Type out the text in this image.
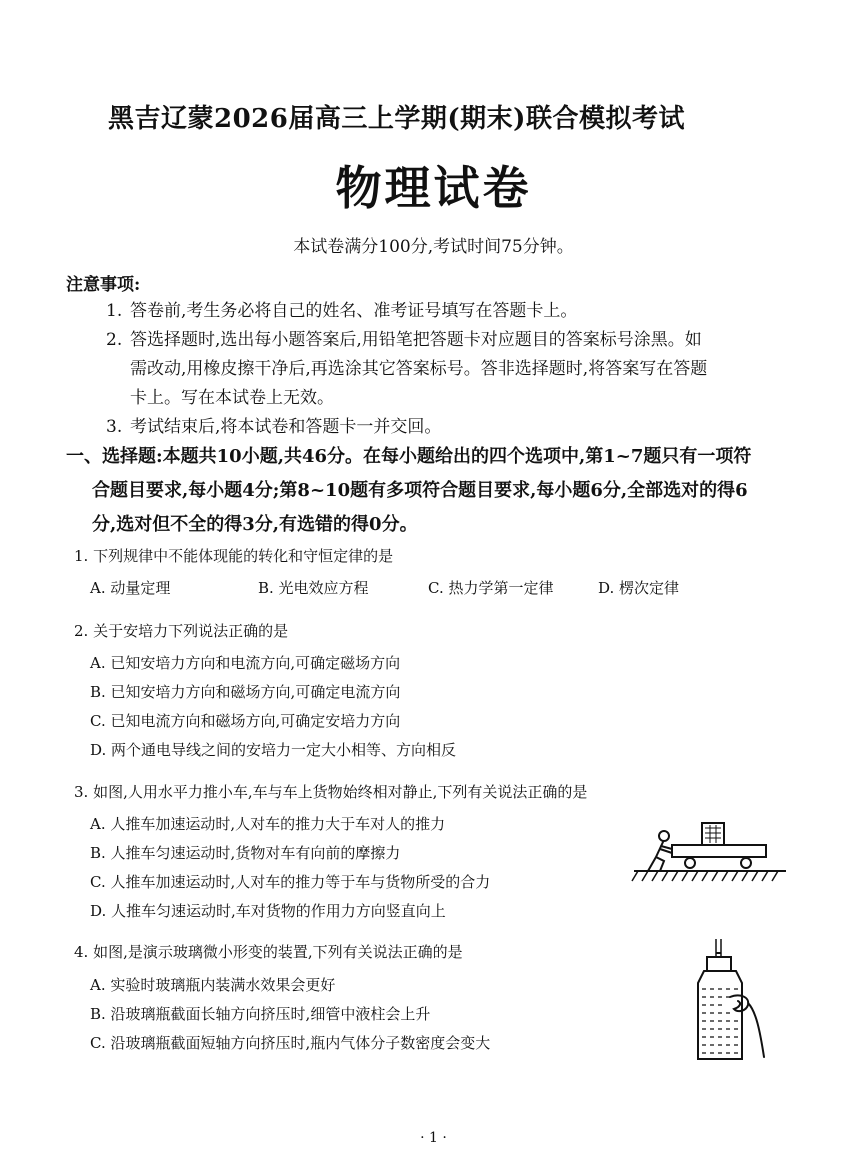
黑吉辽蒙2026届高三上学期(期末)联合模拟考试
物理试卷
本试卷满分100分,考试时间75分钟。
注意事项:
1. 答卷前,考生务必将自己的姓名、准考证号填写在答题卡上。
2. 答选择题时,选出每小题答案后,用铅笔把答题卡对应题目的答案标号涂黑。如
需改动,用橡皮擦干净后,再选涂其它答案标号。答非选择题时,将答案写在答题
卡上。写在本试卷上无效。
3. 考试结束后,将本试卷和答题卡一并交回。
一、选择题:本题共10小题,共46分。在每小题给出的四个选项中,第1~7题只有一项符
合题目要求,每小题4分;第8~10题有多项符合题目要求,每小题6分,全部选对的得6
分,选对但不全的得3分,有选错的得0分。
1. 下列规律中不能体现能的转化和守恒定律的是
A. 动量定理	B. 光电效应方程	C. 热力学第一定律	D. 楞次定律
2. 关于安培力下列说法正确的是
A. 已知安培力方向和电流方向,可确定磁场方向
B. 已知安培力方向和磁场方向,可确定电流方向
C. 已知电流方向和磁场方向,可确定安培力方向
D. 两个通电导线之间的安培力一定大小相等、方向相反
3. 如图,人用水平力推小车,车与车上货物始终相对静止,下列有关说法正确的是
A. 人推车加速运动时,人对车的推力大于车对人的推力
B. 人推车匀速运动时,货物对车有向前的摩擦力
C. 人推车加速运动时,人对车的推力等于车与货物所受的合力
D. 人推车匀速运动时,车对货物的作用力方向竖直向上
4. 如图,是演示玻璃微小形变的装置,下列有关说法正确的是
A. 实验时玻璃瓶内装满水效果会更好
B. 沿玻璃瓶截面长轴方向挤压时,细管中液柱会上升
C. 沿玻璃瓶截面短轴方向挤压时,瓶内气体分子数密度会变大
· 1 ·
